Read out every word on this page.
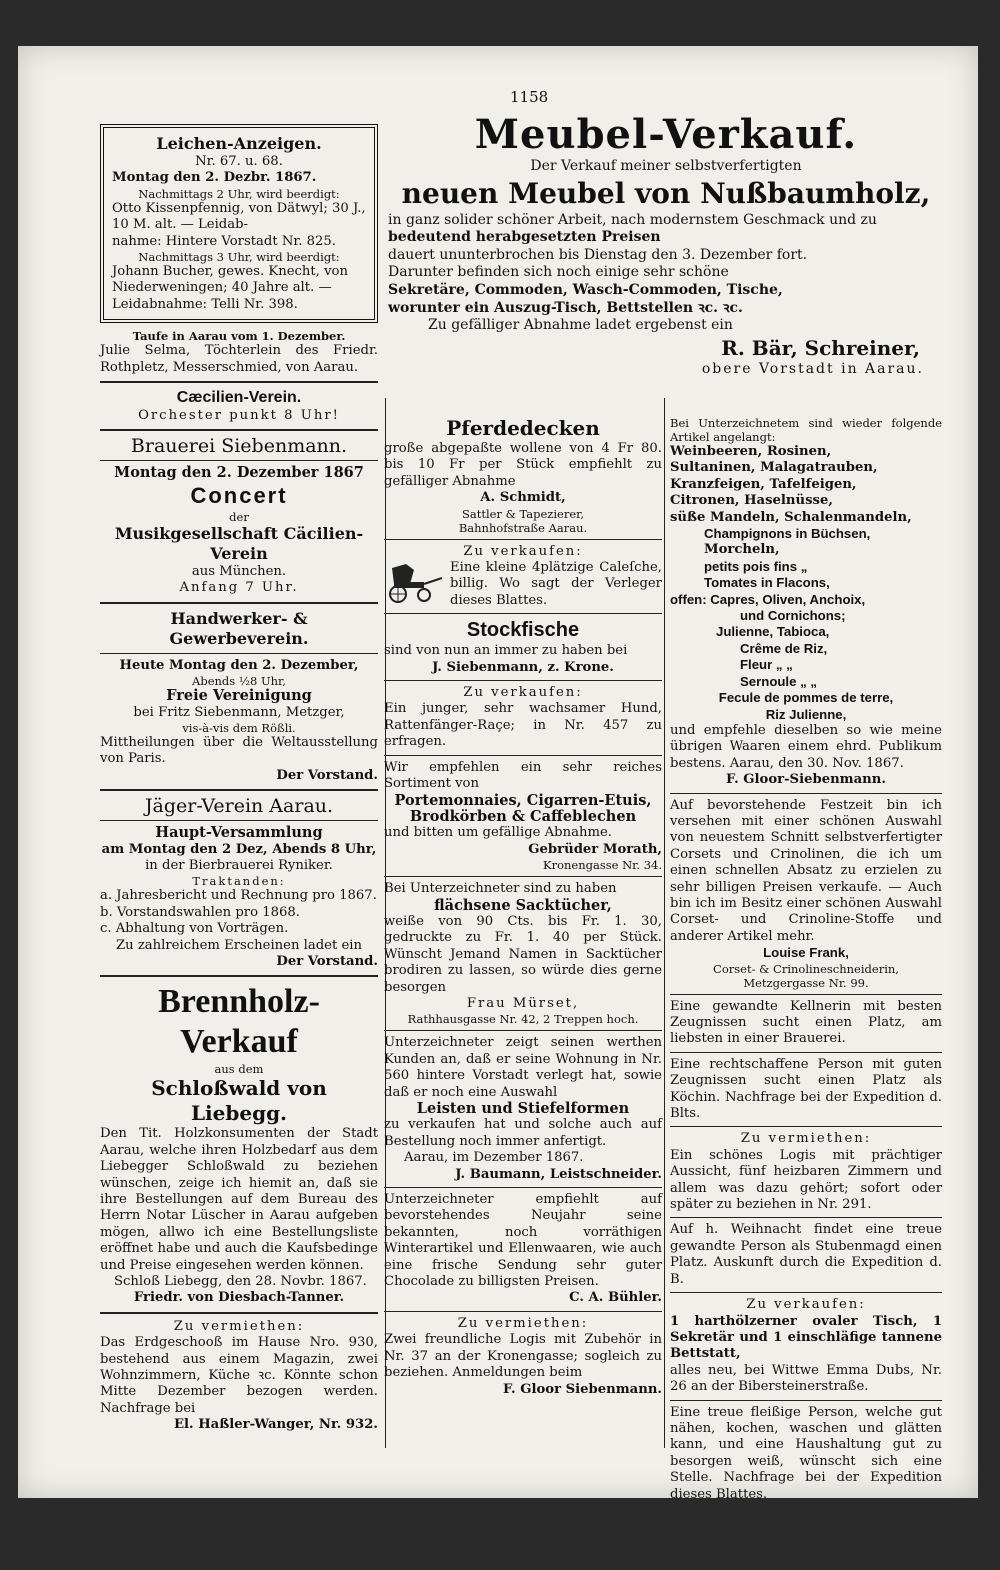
1158
Meubel-Verkauf.
Der Verkauf meiner selbstverfertigten
neuen Meubel von Nußbaumholz,
in ganz solider schöner Arbeit, nach modernstem Geschmack und zu
bedeutend herabgesetzten Preisen
dauert ununterbrochen bis Dienstag den 3. Dezember fort.
Darunter befinden sich noch einige sehr schöne
Sekretäre, Commoden, Wasch-Commoden, Tische,
worunter ein Auszug-Tisch, Bettstellen ꝛc. ꝛc.
Zu gefälliger Abnahme ladet ergebenst ein
R. Bär, Schreiner,
obere Vorstadt in Aarau.
Leichen-Anzeigen.
Nr. 67. u. 68.
Montag den 2. Dezbr. 1867.
Nachmittags 2 Uhr, wird beerdigt:
Otto Kissenpfennig, von Dätwyl; 30 J., 10 M. alt. — Leidab-
nahme: Hintere Vorstadt Nr. 825.
Nachmittags 3 Uhr, wird beerdigt:
Johann Bucher, gewes. Knecht, von Niederweningen; 40 Jahre alt. —
Leidabnahme: Telli Nr. 398.
Taufe in Aarau vom 1. Dezember.
Julie Selma, Töchterlein des Friedr. Rothpletz, Messerschmied, von Aarau.
Cæcilien-Verein.
Orchester punkt 8 Uhr!
Brauerei Siebenmann.
Montag den 2. Dezember 1867
Concert
der
Musikgesellschaft Cäcilien-Verein
aus München.
Anfang 7 Uhr.
Handwerker- & Gewerbeverein.
Heute Montag den 2. Dezember,
Abends ½8 Uhr,
Freie Vereinigung
bei Fritz Siebenmann, Metzger,
vis-à-vis dem Rößli.
Mittheilungen über die Weltausstellung von Paris.
Der Vorstand.
Jäger-Verein Aarau.
Haupt-Versammlung
am Montag den 2 Dez, Abends 8 Uhr,
in der Bierbrauerei Ryniker.
Traktanden:
a. Jahresbericht und Rechnung pro 1867.
b. Vorstandswahlen pro 1868.
c. Abhaltung von Vorträgen.
Zu zahlreichem Erscheinen ladet ein
Der Vorstand.
Brennholz-Verkauf
aus dem
Schloßwald von Liebegg.
Den Tit. Holzkonsumenten der Stadt Aarau, welche ihren Holzbedarf aus dem Liebegger Schloßwald zu beziehen wünschen, zeige ich hiemit an, daß sie ihre Bestellungen auf dem Bureau des Herrn Notar Lüscher in Aarau aufgeben mögen, allwo ich eine Bestellungsliste eröffnet habe und auch die Kaufsbedinge und Preise eingesehen werden können.
Schloß Liebegg, den 28. Novbr. 1867.
Friedr. von Diesbach-Tanner.
Zu vermiethen:
Das Erdgeschooß im Hause Nro. 930, bestehend aus einem Magazin, zwei Wohnzimmern, Küche ꝛc. Könnte schon Mitte Dezember bezogen werden. Nachfrage bei
El. Haßler-Wanger, Nr. 932.
Pferdedecken
große abgepaßte wollene von 4 Fr 80. bis 10 Fr per Stück empfiehlt zu gefälliger Abnahme
A. Schmidt,
Sattler & Tapezierer,
Bahnhofstraße Aarau.
Zu verkaufen:
Eine kleine 4plätzige Caleſche, billig. Wo sagt der Verleger dieses Blattes.
Stockfische
sind von nun an immer zu haben bei
J. Siebenmann, z. Krone.
Zu verkaufen:
Ein junger, sehr wachsamer Hund, Rattenfänger-Raçe; in Nr. 457 zu erfragen.
Wir empfehlen ein sehr reiches Sortiment von
Portemonnaies, Cigarren-Etuis,
Brodkörben & Caffeblechen
und bitten um gefällige Abnahme.
Gebrüder Morath,
Kronengasse Nr. 34.
Bei Unterzeichneter sind zu haben
flächsene Sacktücher,
weiße von 90 Cts. bis Fr. 1. 30, gedruckte zu Fr. 1. 40 per Stück. Wünscht Jemand Namen in Sacktücher brodiren zu lassen, so würde dies gerne besorgen
Frau Mürset,
Rathhausgasse Nr. 42, 2 Treppen hoch.
Unterzeichneter zeigt seinen werthen Kunden an, daß er seine Wohnung in Nr. 560 hintere Vorstadt verlegt hat, sowie daß er noch eine Auswahl
Leisten und Stiefelformen
zu verkaufen hat und solche auch auf Bestellung noch immer anfertigt.
Aarau, im Dezember 1867.
J. Baumann, Leistschneider.
Unterzeichneter empfiehlt auf bevorstehendes Neujahr seine bekannten, noch vorräthigen Winterartikel und Ellenwaaren, wie auch eine frische Sendung sehr guter Chocolade zu billigsten Preisen.
C. A. Bühler.
Zu vermiethen:
Zwei freundliche Logis mit Zubehör in Nr. 37 an der Kronengasse; sogleich zu beziehen. Anmeldungen beim
F. Gloor Siebenmann.
Bei Unterzeichnetem sind wieder folgende Artikel angelangt:
Weinbeeren, Rosinen,
Sultaninen, Malagatrauben,
Kranzfeigen, Tafelfeigen,
Citronen, Haselnüsse,
süße Mandeln, Schalenmandeln,
Champignons in Büchsen,
Morcheln,
petits pois fins „
Tomates in Flacons,
offen: Capres, Oliven, Anchoix,
und Cornichons;
Julienne, Tabioca,
Crême de Riz,
Fleur „ „
Sernoule „ „
Fecule de pommes de terre,
Riz Julienne,
und empfehle dieselben so wie meine übrigen Waaren einem ehrd. Publikum bestens. Aarau, den 30. Nov. 1867.
F. Gloor-Siebenmann.
Auf bevorstehende Festzeit bin ich versehen mit einer schönen Auswahl von neuestem Schnitt selbstverfertigter Corsets und Crinolinen, die ich um einen schnellen Absatz zu erzielen zu sehr billigen Preisen verkaufe. — Auch bin ich im Besitz einer schönen Auswahl Corset- und Crinoline-Stoffe und anderer Artikel mehr.
Louise Frank,
Corset- & Crinolineschneiderin,
Metzgergasse Nr. 99.
Eine gewandte Kellnerin mit besten Zeugnissen sucht einen Platz, am liebsten in einer Brauerei.
Eine rechtschaffene Person mit guten Zeugnissen sucht einen Platz als Köchin. Nachfrage bei der Expedition d. Blts.
Zu vermiethen:
Ein schönes Logis mit prächtiger Aussicht, fünf heizbaren Zimmern und allem was dazu gehört; sofort oder später zu beziehen in Nr. 291.
Auf h. Weihnacht findet eine treue gewandte Person als Stubenmagd einen Platz. Auskunft durch die Expedition d. B.
Zu verkaufen:
1 harthölzerner ovaler Tisch, 1 Sekretär und 1 einschläfige tannene Bettstatt,
alles neu, bei Wittwe Emma Dubs, Nr. 26 an der Bibersteinerstraße.
Eine treue fleißige Person, welche gut nähen, kochen, waschen und glätten kann, und eine Haushaltung gut zu besorgen weiß, wünscht sich eine Stelle. Nachfrage bei der Expedition dieses Blattes.
